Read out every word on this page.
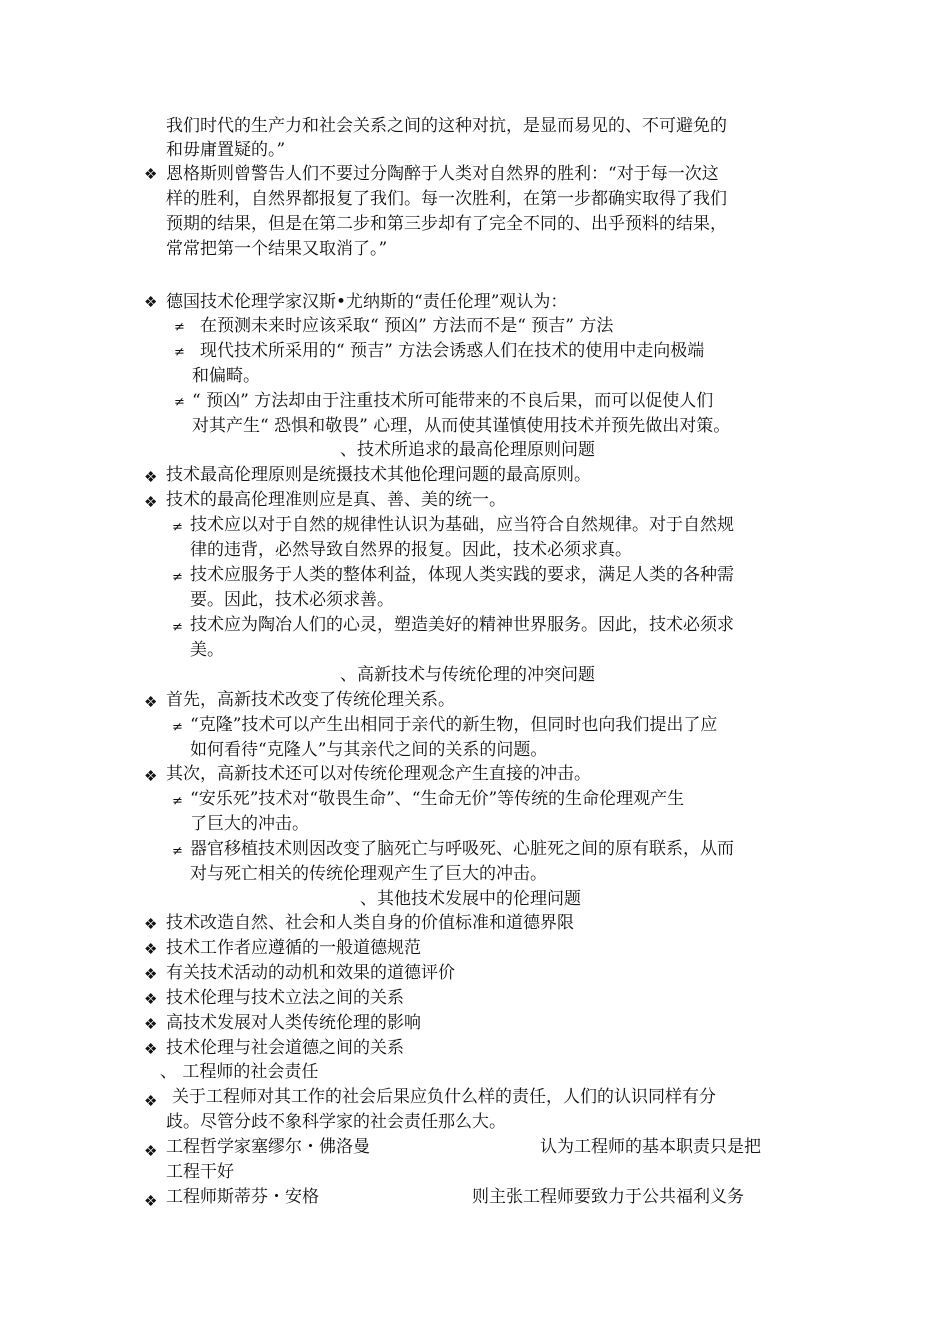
我们时代的生产力和社会关系之间的这种对抗，是显而易见的、不可避免的
和毋庸置疑的。”
❖ 恩格斯则曾警告人们不要过分陶醉于人类对自然界的胜利：“对于每一次这
样的胜利，自然界都报复了我们。每一次胜利，在第一步都确实取得了我们
预期的结果，但是在第二步和第三步却有了完全不同的、出乎预料的结果，
常常把第一个结果又取消了。”
❖ 德国技术伦理学家汉斯•尤纳斯的“责任伦理”观认为：
≠ 在预测未来时应该采取“ 预凶” 方法而不是“ 预吉” 方法
≠ 现代技术所采用的“ 预吉” 方法会诱惑人们在技术的使用中走向极端
和偏畸。
≠ “ 预凶” 方法却由于注重技术所可能带来的不良后果，而可以促使人们
对其产生“ 恐惧和敬畏” 心理，从而使其谨慎使用技术并预先做出对策。
、技术所追求的最高伦理原则问题
❖ 技术最高伦理原则是统摄技术其他伦理问题的最高原则。
❖ 技术的最高伦理准则应是真、善、美的统一。
≠ 技术应以对于自然的规律性认识为基础，应当符合自然规律。对于自然规
律的违背，必然导致自然界的报复。因此，技术必须求真。
≠ 技术应服务于人类的整体利益，体现人类实践的要求，满足人类的各种需
要。因此，技术必须求善。
≠ 技术应为陶冶人们的心灵，塑造美好的精神世界服务。因此，技术必须求
美。
、高新技术与传统伦理的冲突问题
❖ 首先，高新技术改变了传统伦理关系。
≠ “克隆”技术可以产生出相同于亲代的新生物，但同时也向我们提出了应
如何看待“克隆人”与其亲代之间的关系的问题。
❖ 其次，高新技术还可以对传统伦理观念产生直接的冲击。
≠ “安乐死”技术对“敬畏生命”、“生命无价”等传统的生命伦理观产生
了巨大的冲击。
≠ 器官移植技术则因改变了脑死亡与呼吸死、心脏死之间的原有联系，从而
对与死亡相关的传统伦理观产生了巨大的冲击。
、其他技术发展中的伦理问题
❖ 技术改造自然、社会和人类自身的价值标准和道德界限
❖ 技术工作者应遵循的一般道德规范
❖ 有关技术活动的动机和效果的道德评价
❖ 技术伦理与技术立法之间的关系
❖ 高技术发展对人类传统伦理的影响
❖ 技术伦理与社会道德之间的关系
、 工程师的社会责任
❖ 关于工程师对其工作的社会后果应负什么样的责任，人们的认识同样有分
歧。尽管分歧不象科学家的社会责任那么大。
❖ 工程哲学家塞缪尔・佛洛曼	认为工程师的基本职责只是把
工程干好
❖ 工程师斯蒂芬・安格	则主张工程师要致力于公共福利义务
